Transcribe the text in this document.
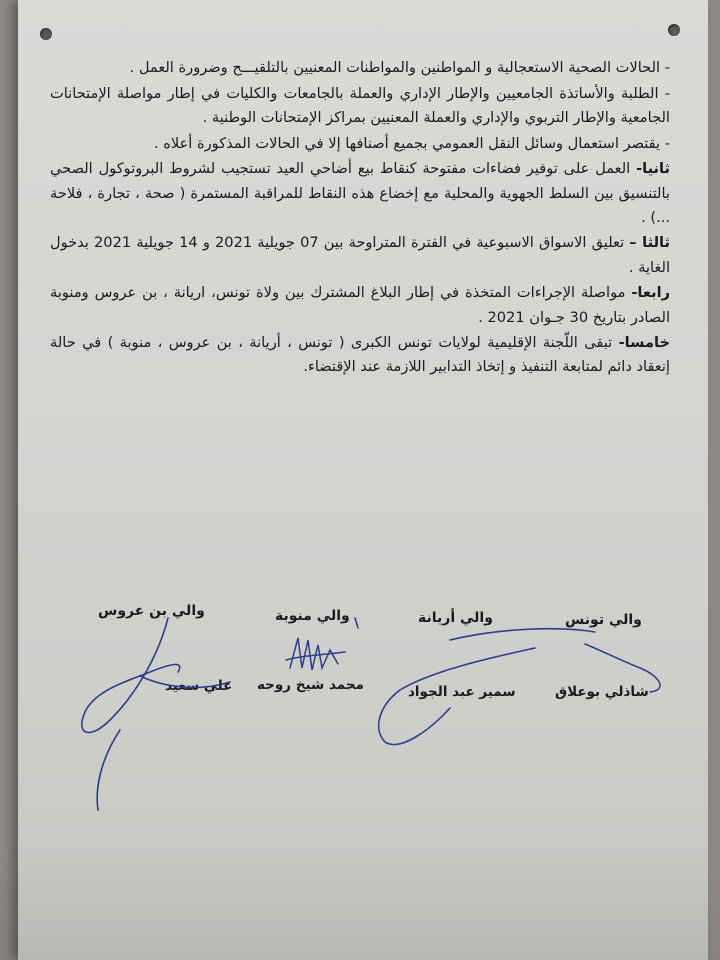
- الحالات الصحية الاستعجالية و المواطنين والمواطنات المعنيين بالتلقيـــح وضرورة العمل .

- الطلبة والأساتذة الجامعيين والإطار الإداري والعملة بالجامعات والكليات في إطار مواصلة الإمتحانات الجامعية والإطار التربوي والإداري والعملة المعنيين بمراكز الإمتحانات الوطنية .

- يقتصر استعمال وسائل النقل العمومي بجميع أصنافها إلا في الحالات المذكورة أعلاه .

ثانيا- العمل على توفير فضاءات مفتوحة كنقاط بيع أضاحي العيد تستجيب لشروط البروتوكول الصحي بالتنسيق بين السلط الجهوية والمحلية مع إخضاع هذه النقاط للمراقبة المستمرة ( صحة ، تجارة ، فلاحة ...) .

ثالثا – تعليق الاسواق الاسبوعية في الفترة المتراوحة بين 07 جويلية 2021 و 14 جويلية 2021 بدخول الغاية .

رابعا- مواصلة الإجراءات المتخذة في إطار البلاغ المشترك بين ولاة تونس، اريانة ، بن عروس ومنوبة الصادر بتاريخ 30 جـوان 2021 .

خامسا- تبقى اللّجنة الإقليمية لولايات تونس الكبرى ( تونس ، أريانة ، بن عروس ، منوبة ) في حالة إنعقاد دائم لمتابعة التنفيذ و إتخاذ التدابير اللازمة عند الإقتضاء.

والي تونس
والي أريانة
والي منوبة
والي بن عروس
شاذلي بوعلاق
سمير عبد الجواد
محمد شيخ روحه
علي سعيد
